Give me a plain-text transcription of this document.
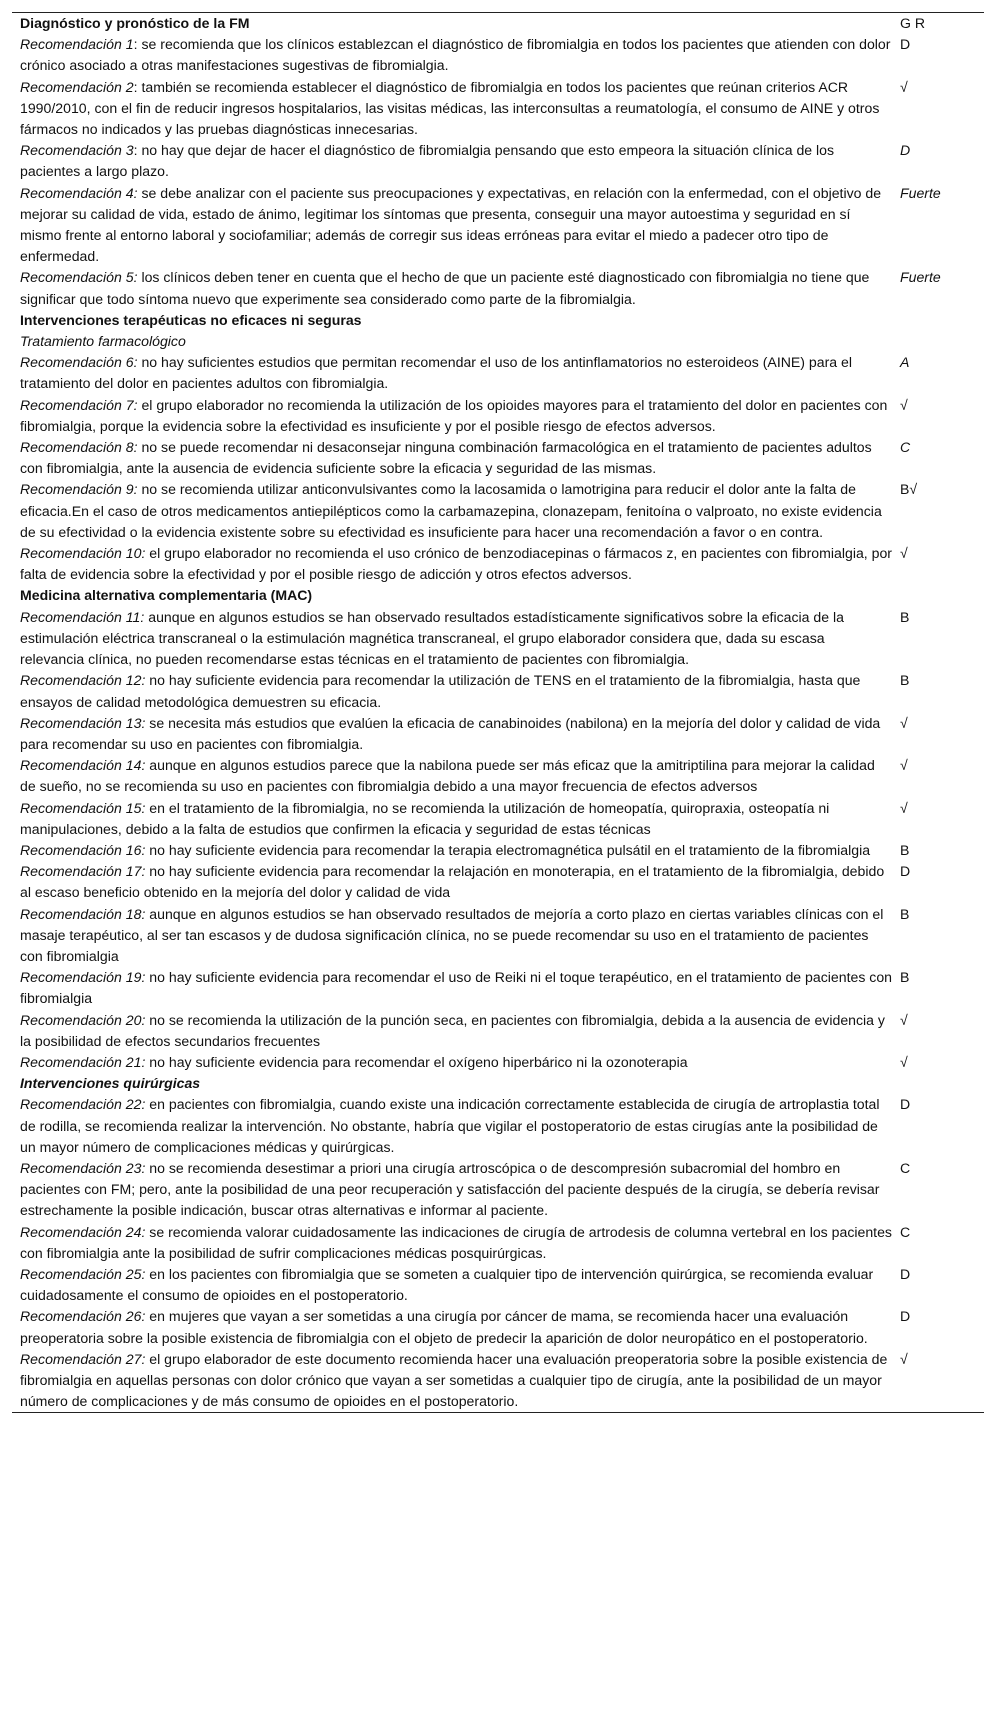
Diagnóstico y pronóstico de la FM	G R
Recomendación 1: se recomienda que los clínicos establezcan el diagnóstico de fibromialgia en todos los pacientes que atienden con dolor crónico asociado a otras manifestaciones sugestivas de fibromialgia.	D
Recomendación 2: también se recomienda establecer el diagnóstico de fibromialgia en todos los pacientes que reúnan criterios ACR 1990/2010, con el fin de reducir ingresos hospitalarios, las visitas médicas, las interconsultas a reumatología, el consumo de AINE y otros fármacos no indicados y las pruebas diagnósticas innecesarias.	√
Recomendación 3: no hay que dejar de hacer el diagnóstico de fibromialgia pensando que esto empeora la situación clínica de los pacientes a largo plazo.	D
Recomendación 4: se debe analizar con el paciente sus preocupaciones y expectativas, en relación con la enfermedad, con el objetivo de mejorar su calidad de vida, estado de ánimo, legitimar los síntomas que presenta, conseguir una mayor autoestima y seguridad en sí mismo frente al entorno laboral y sociofamiliar; además de corregir sus ideas erróneas para evitar el miedo a padecer otro tipo de enfermedad.	Fuerte
Recomendación 5: los clínicos deben tener en cuenta que el hecho de que un paciente esté diagnosticado con fibromialgia no tiene que significar que todo síntoma nuevo que experimente sea considerado como parte de la fibromialgia.	Fuerte
Intervenciones terapéuticas no eficaces ni seguras	
Tratamiento farmacológico	
Recomendación 6: no hay suficientes estudios que permitan recomendar el uso de los antinflamatorios no esteroideos (AINE) para el tratamiento del dolor en pacientes adultos con fibromialgia.	A
Recomendación 7: el grupo elaborador no recomienda la utilización de los opioides mayores para el tratamiento del dolor en pacientes con fibromialgia, porque la evidencia sobre la efectividad es insuficiente y por el posible riesgo de efectos adversos.	√
Recomendación 8: no se puede recomendar ni desaconsejar ninguna combinación farmacológica en el tratamiento de pacientes adultos con fibromialgia, ante la ausencia de evidencia suficiente sobre la eficacia y seguridad de las mismas.	C
Recomendación 9: no se recomienda utilizar anticonvulsivantes como la lacosamida o lamotrigina para reducir el dolor ante la falta de eficacia.En el caso de otros medicamentos antiepilépticos como la carbamazepina, clonazepam, fenitoína o valproato, no existe evidencia de su efectividad o la evidencia existente sobre su efectividad es insuficiente para hacer una recomendación a favor o en contra.	B√
Recomendación 10: el grupo elaborador no recomienda el uso crónico de benzodiacepinas o fármacos z, en pacientes con fibromialgia, por falta de evidencia sobre la efectividad y por el posible riesgo de adicción y otros efectos adversos.	√
Medicina alternativa complementaria (MAC)	
Recomendación 11: aunque en algunos estudios se han observado resultados estadísticamente significativos sobre la eficacia de la estimulación eléctrica transcraneal o la estimulación magnética transcraneal, el grupo elaborador considera que, dada su escasa relevancia clínica, no pueden recomendarse estas técnicas en el tratamiento de pacientes con fibromialgia.	B
Recomendación 12: no hay suficiente evidencia para recomendar la utilización de TENS en el tratamiento de la fibromialgia, hasta que ensayos de calidad metodológica demuestren su eficacia.	B
Recomendación 13: se necesita más estudios que evalúen la eficacia de canabinoides (nabilona) en la mejoría del dolor y calidad de vida para recomendar su uso en pacientes con fibromialgia.	√
Recomendación 14: aunque en algunos estudios parece que la nabilona puede ser más eficaz que la amitriptilina para mejorar la calidad de sueño, no se recomienda su uso en pacientes con fibromialgia debido a una mayor frecuencia de efectos adversos	√
Recomendación 15: en el tratamiento de la fibromialgia, no se recomienda la utilización de homeopatía, quiropraxia, osteopatía ni manipulaciones, debido a la falta de estudios que confirmen la eficacia y seguridad de estas técnicas	√
Recomendación 16: no hay suficiente evidencia para recomendar la terapia electromagnética pulsátil en el tratamiento de la fibromialgia	B
Recomendación 17: no hay suficiente evidencia para recomendar la relajación en monoterapia, en el tratamiento de la fibromialgia, debido al escaso beneficio obtenido en la mejoría del dolor y calidad de vida	D
Recomendación 18: aunque en algunos estudios se han observado resultados de mejoría a corto plazo en ciertas variables clínicas con el masaje terapéutico, al ser tan escasos y de dudosa significación clínica, no se puede recomendar su uso en el tratamiento de pacientes con fibromialgia	B
Recomendación 19: no hay suficiente evidencia para recomendar el uso de Reiki ni el toque terapéutico, en el tratamiento de pacientes con fibromialgia	B
Recomendación 20: no se recomienda la utilización de la punción seca, en pacientes con fibromialgia, debida a la ausencia de evidencia y la posibilidad de efectos secundarios frecuentes	√
Recomendación 21: no hay suficiente evidencia para recomendar el oxígeno hiperbárico ni la ozonoterapia	√
Intervenciones quirúrgicas	
Recomendación 22: en pacientes con fibromialgia, cuando existe una indicación correctamente establecida de cirugía de artroplastia total de rodilla, se recomienda realizar la intervención. No obstante, habría que vigilar el postoperatorio de estas cirugías ante la posibilidad de un mayor número de complicaciones médicas y quirúrgicas.	D
Recomendación 23: no se recomienda desestimar a priori una cirugía artroscópica o de descompresión subacromial del hombro en pacientes con FM; pero, ante la posibilidad de una peor recuperación y satisfacción del paciente después de la cirugía, se debería revisar estrechamente la posible indicación, buscar otras alternativas e informar al paciente.	C
Recomendación 24: se recomienda valorar cuidadosamente las indicaciones de cirugía de artrodesis de columna vertebral en los pacientes con fibromialgia ante la posibilidad de sufrir complicaciones médicas posquirúrgicas.	C
Recomendación 25: en los pacientes con fibromialgia que se someten a cualquier tipo de intervención quirúrgica, se recomienda evaluar cuidadosamente el consumo de opioides en el postoperatorio.	D
Recomendación 26: en mujeres que vayan a ser sometidas a una cirugía por cáncer de mama, se recomienda hacer una evaluación preoperatoria sobre la posible existencia de fibromialgia con el objeto de predecir la aparición de dolor neuropático en el postoperatorio.	D
Recomendación 27: el grupo elaborador de este documento recomienda hacer una evaluación preoperatoria sobre la posible existencia de fibromialgia en aquellas personas con dolor crónico que vayan a ser sometidas a cualquier tipo de cirugía, ante la posibilidad de un mayor número de complicaciones y de más consumo de opioides en el postoperatorio.	√
